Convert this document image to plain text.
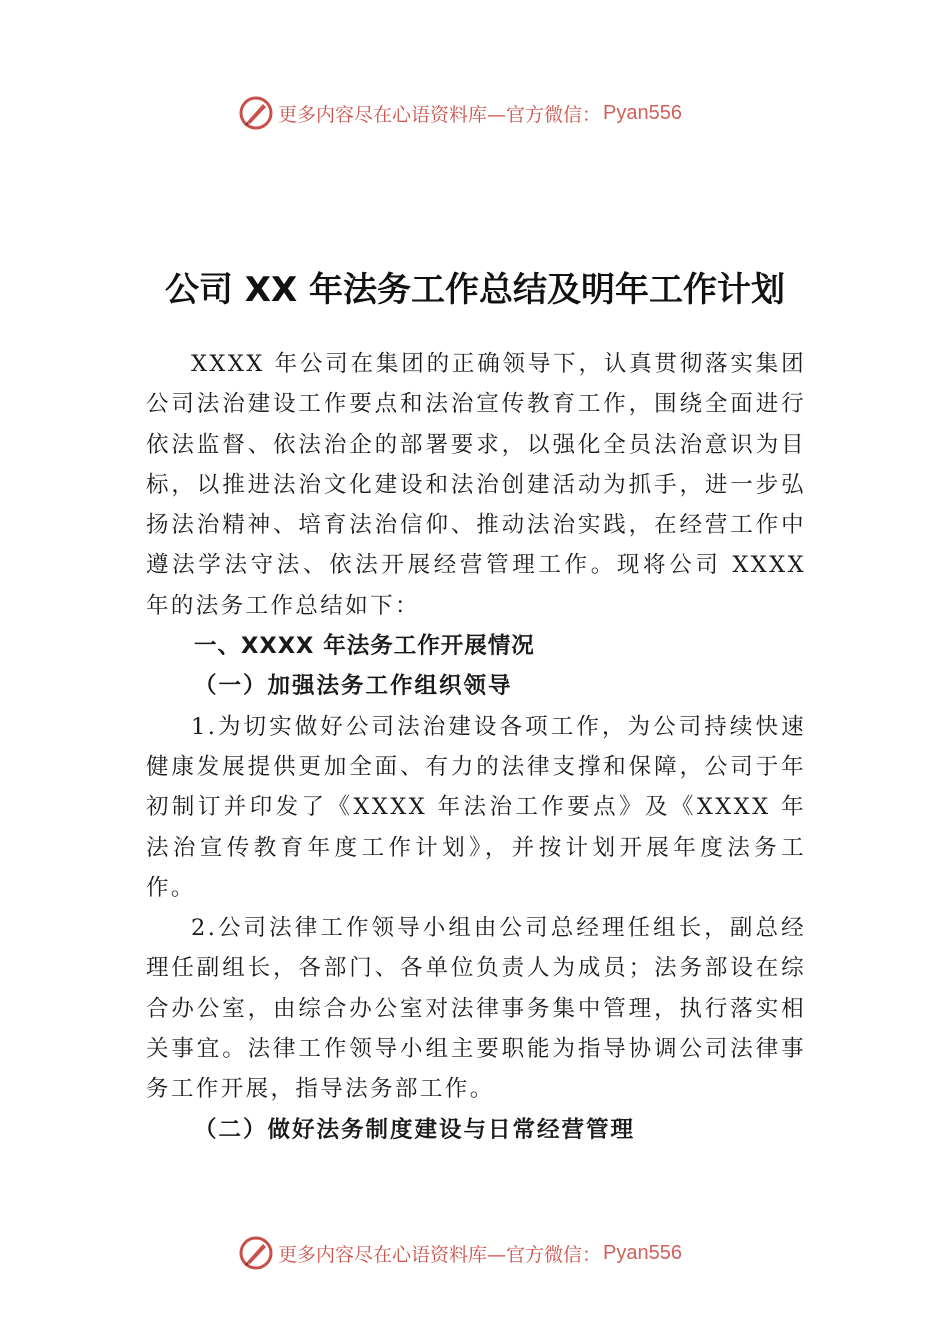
更多内容尽在心语资料库—官方微信： Pyan556
公司 XX 年法务工作总结及明年工作计划

XXXX 年公司在集团的正确领导下，认真贯彻落实集团公司法治建设工作要点和法治宣传教育工作，围绕全面进行依法监督、依法治企的部署要求，以强化全员法治意识为目标，以推进法治文化建设和法治创建活动为抓手，进一步弘扬法治精神、培育法治信仰、推动法治实践，在经营工作中遵法学法守法、依法开展经营管理工作。现将公司 XXXX 年的法务工作总结如下：

一、XXXX 年法务工作开展情况

（一）加强法务工作组织领导

1.为切实做好公司法治建设各项工作，为公司持续快速健康发展提供更加全面、有力的法律支撑和保障，公司于年初制订并印发了《XXXX 年法治工作要点》及《XXXX 年法治宣传教育年度工作计划》，并按计划开展年度法务工作。

2.公司法律工作领导小组由公司总经理任组长，副总经理任副组长，各部门、各单位负责人为成员；法务部设在综合办公室，由综合办公室对法律事务集中管理，执行落实相关事宜。法律工作领导小组主要职能为指导协调公司法律事务工作开展，指导法务部工作。

（二）做好法务制度建设与日常经营管理

更多内容尽在心语资料库—官方微信： Pyan556
